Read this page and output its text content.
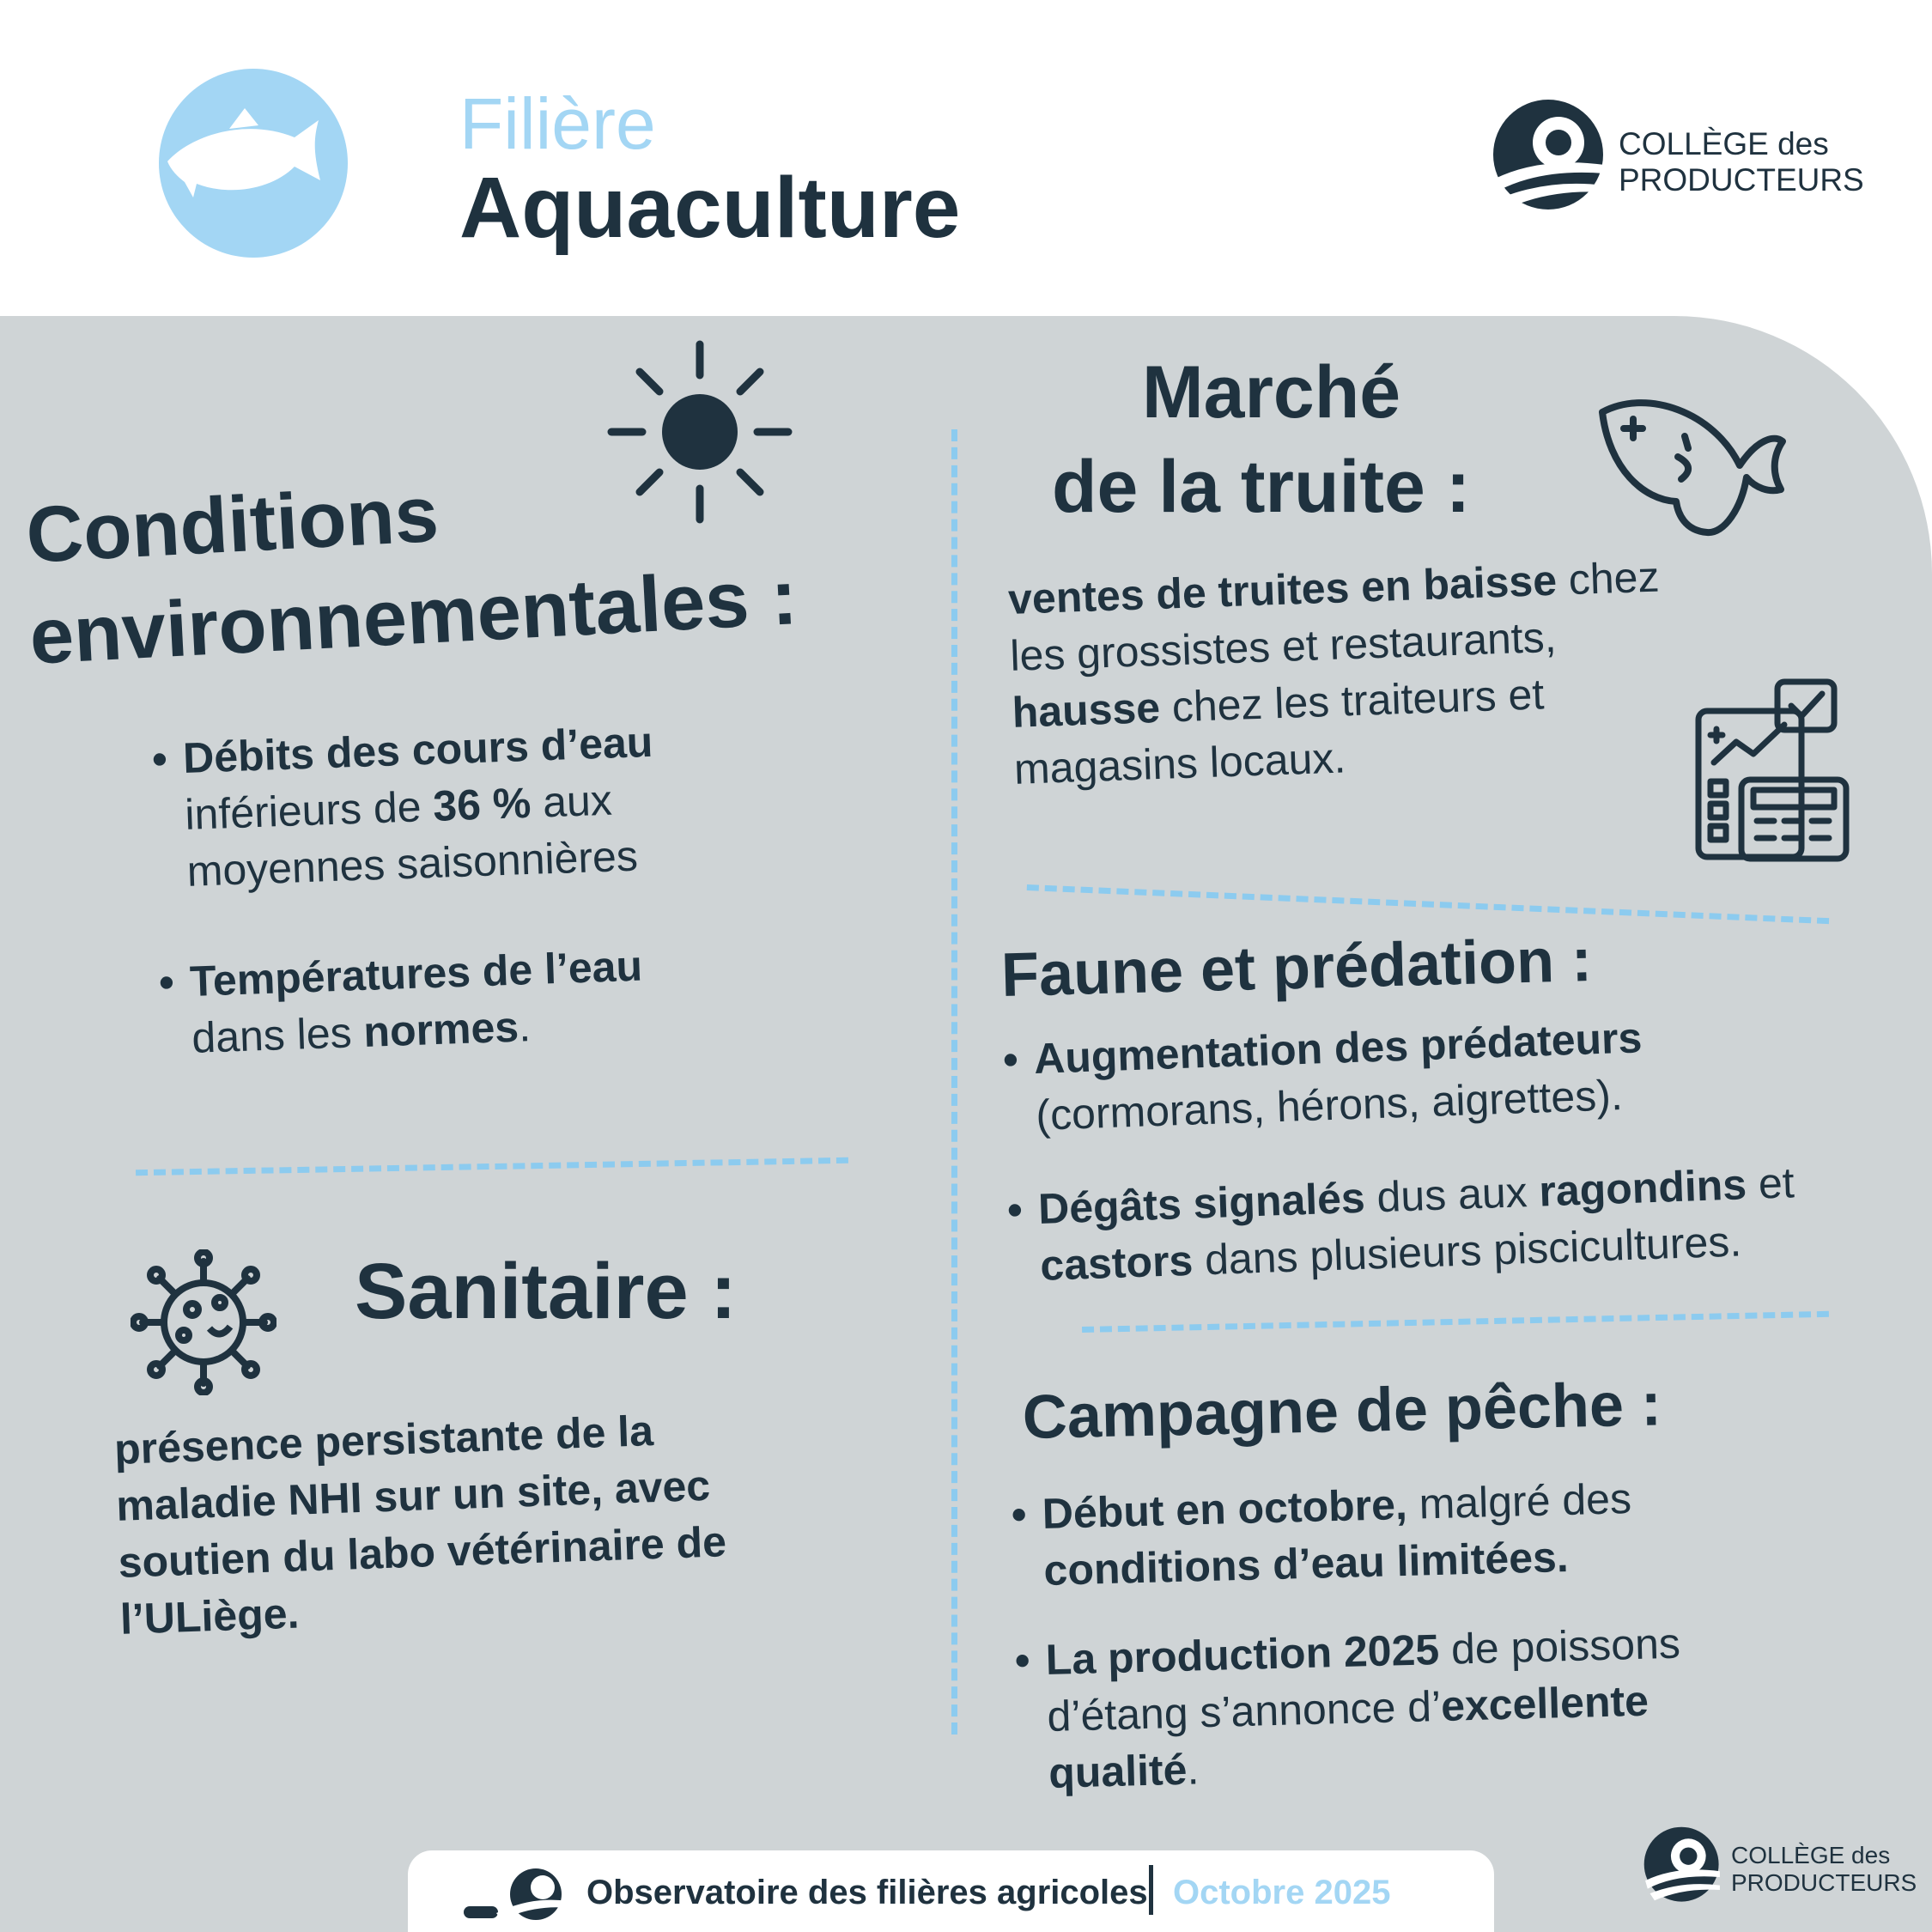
Filière
Aquaculture
COLLÈGE des
PRODUCTEURS
Conditions
environnementales :
• Débits des cours d’eau
inférieurs de 36 % aux
moyennes saisonnières
• Températures de l’eau
dans les normes.
Sanitaire :
présence persistante de la
maladie NHI sur un site, avec
soutien du labo vétérinaire de
l’ULiège.
Marché
de la truite :
ventes de truites en baisse chez
les grossistes et restaurants,
hausse chez les traiteurs et
magasins locaux.
Faune et prédation :
• Augmentation des prédateurs
(cormorans, hérons, aigrettes).
• Dégâts signalés dus aux ragondins et
castors dans plusieurs piscicultures.
Campagne de pêche :
• Début en octobre, malgré des
conditions d’eau limitées.
• La production 2025 de poissons
d’étang s’annonce d’excellente
qualité.
Observatoire des filières agricoles Octobre 2025
COLLÈGE des
PRODUCTEURS
